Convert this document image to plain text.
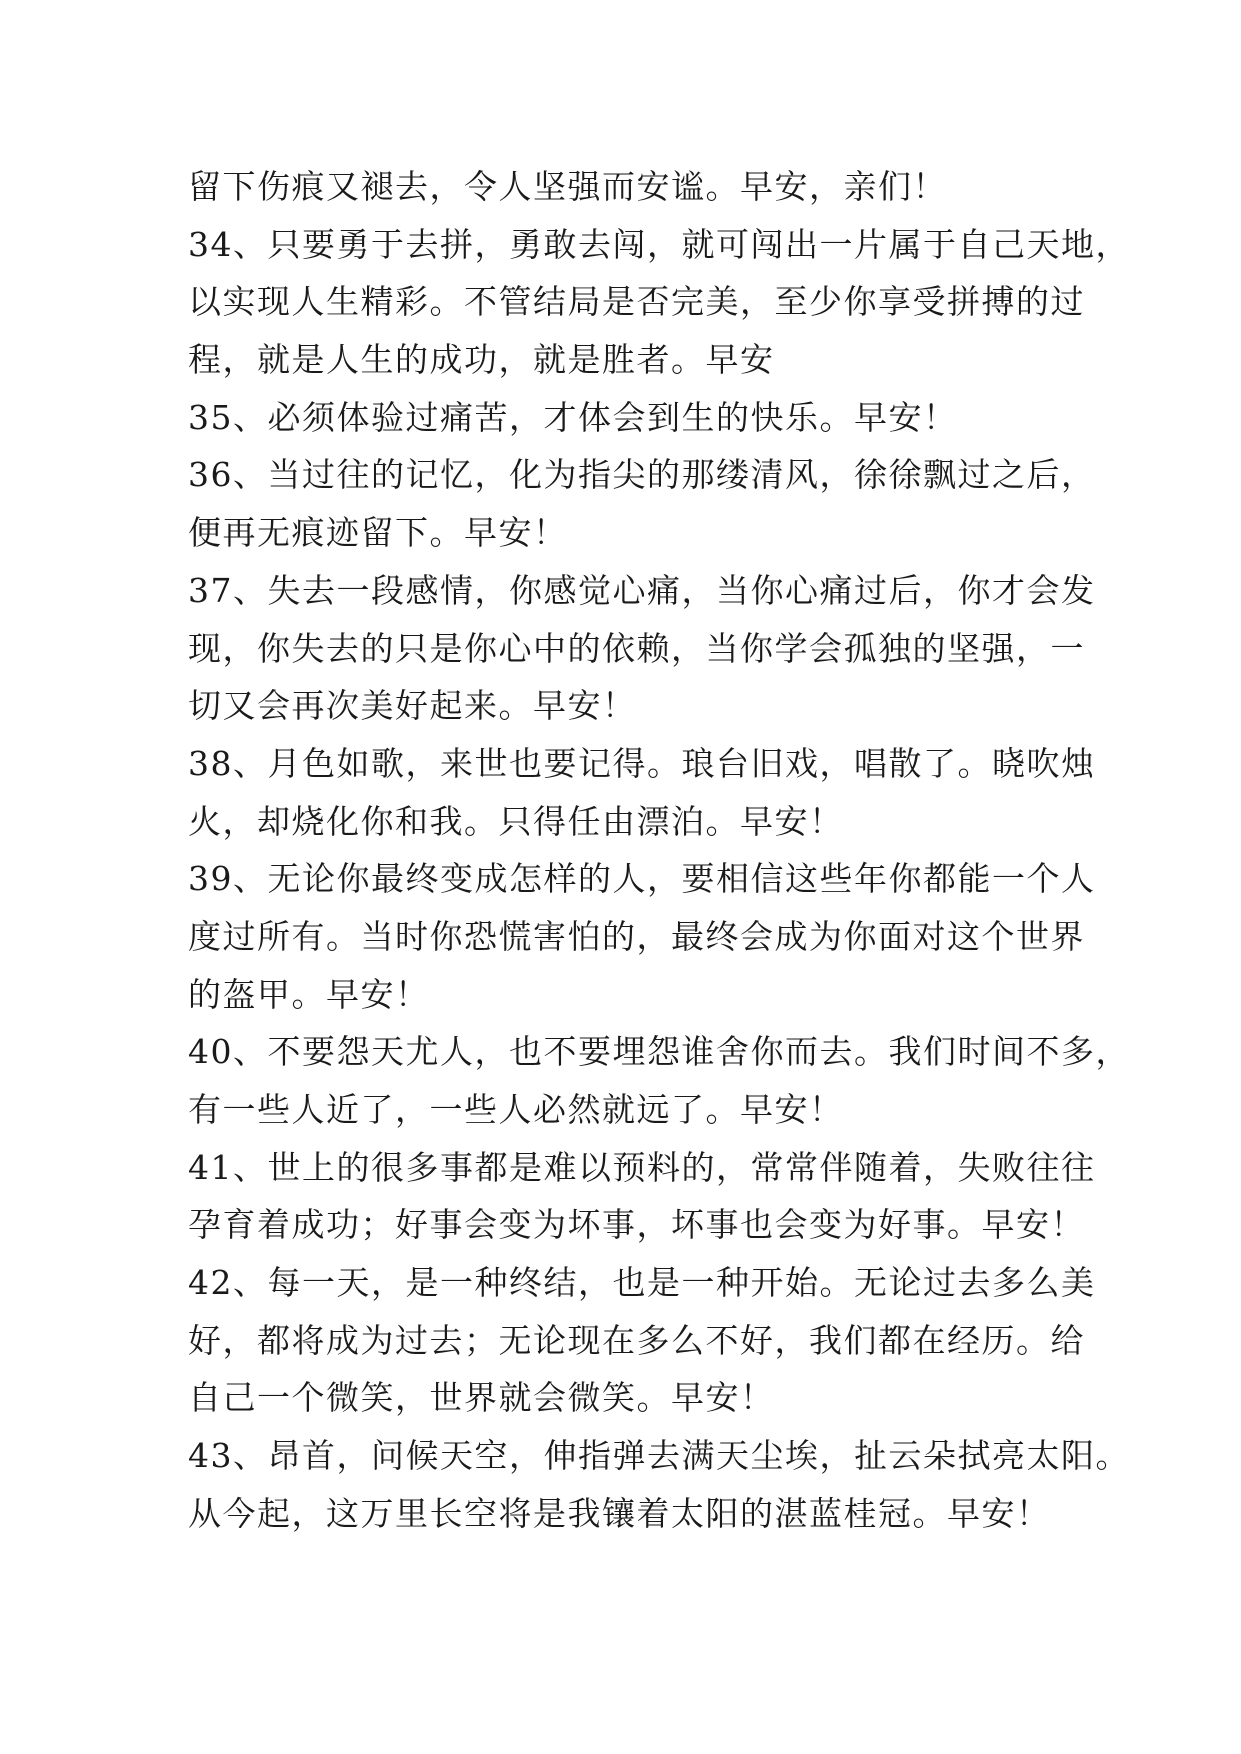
留下伤痕又褪去，令人坚强而安谧。早安，亲们！
34、只要勇于去拼，勇敢去闯，就可闯出一片属于自己天地，
以实现人生精彩。不管结局是否完美，至少你享受拼搏的过
程，就是人生的成功，就是胜者。早安
35、必须体验过痛苦，才体会到生的快乐。早安！
36、当过往的记忆，化为指尖的那缕清风，徐徐飘过之后，
便再无痕迹留下。早安！
37、失去一段感情，你感觉心痛，当你心痛过后，你才会发
现，你失去的只是你心中的依赖，当你学会孤独的坚强，一
切又会再次美好起来。早安！
38、月色如歌，来世也要记得。琅台旧戏，唱散了。晓吹烛
火，却烧化你和我。只得任由漂泊。早安！
39、无论你最终变成怎样的人，要相信这些年你都能一个人
度过所有。当时你恐慌害怕的，最终会成为你面对这个世界
的盔甲。早安！
40、不要怨天尤人，也不要埋怨谁舍你而去。我们时间不多，
有一些人近了，一些人必然就远了。早安！
41、世上的很多事都是难以预料的，常常伴随着，失败往往
孕育着成功；好事会变为坏事，坏事也会变为好事。早安！
42、每一天，是一种终结，也是一种开始。无论过去多么美
好，都将成为过去；无论现在多么不好，我们都在经历。给
自己一个微笑，世界就会微笑。早安！
43、昂首，问候天空，伸指弹去满天尘埃，扯云朵拭亮太阳。
从今起，这万里长空将是我镶着太阳的湛蓝桂冠。早安！
